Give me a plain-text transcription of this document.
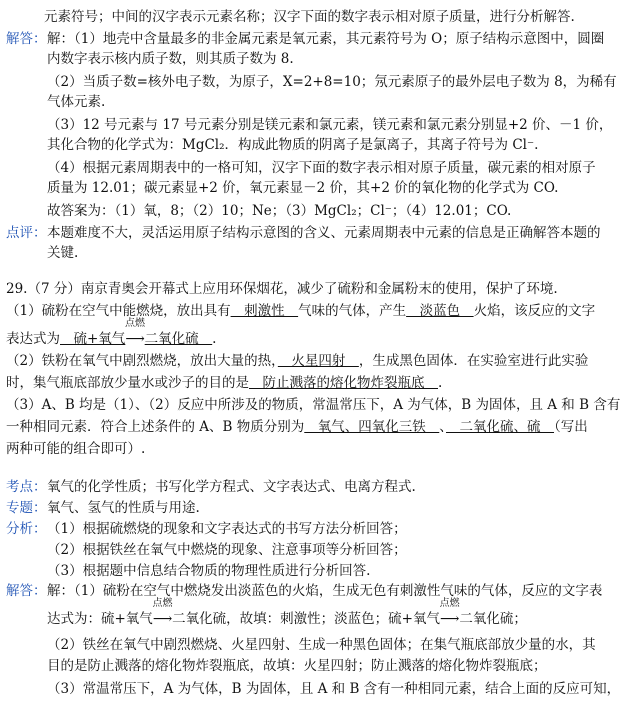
元素符号；中间的汉字表示元素名称；汉字下面的数字表示相对原子质量，进行分析解答.
解答： 解：（1）地壳中含量最多的非金属元素是氧元素，其元素符号为 O；原子结构示意图中，圆圈
内数字表示核内质子数，则其质子数为 8.
（2）当质子数=核外电子数，为原子，X=2+8=10；氖元素原子的最外层电子数为 8，为稀有
气体元素.
（3）12 号元素与 17 号元素分别是镁元素和氯元素，镁元素和氯元素分别显+2 价、－1 价，
其化合物的化学式为：MgCl₂．构成此物质的阴离子是氯离子，其离子符号为 Cl⁻.
（4）根据元素周期表中的一格可知，汉字下面的数字表示相对原子质量，碳元素的相对原子
质量为 12.01；碳元素显+2 价，氧元素显－2 价，其+2 价的氧化物的化学式为 CO.
故答案为：（1）氧，8；（2）10；Ne；（3）MgCl₂；Cl⁻；（4）12.01；CO.
点评： 本题难度不大，灵活运用原子结构示意图的含义、元素周期表中元素的信息是正确解答本题的
关键.
29.（7 分）南京青奥会开幕式上应用环保烟花，减少了硫粉和金属粉末的使用，保护了环境.
（1）硫粉在空气中能燃烧，放出具有　刺激性　气味的气体，产生　淡蓝色　火焰，该反应的文字
表达式为　硫+氧气
点燃
⟶二氧化硫　.
（2）铁粉在氧气中剧烈燃烧，放出大量的热，　火星四射　，生成黑色固体．在实验室进行此实验
时，集气瓶底部放少量水或沙子的目的是　防止溅落的熔化物炸裂瓶底　.
（3）A、B 均是（1）、（2）反应中所涉及的物质，常温常压下，A 为气体，B 为固体，且 A 和 B 含有
一种相同元素．符合上述条件的 A、B 物质分别为　氧气、四氧化三铁　、　二氧化硫、硫　（写出
两种可能的组合即可）.
考点： 氧气的化学性质；书写化学方程式、文字表达式、电离方程式.
专题： 氧气、氢气的性质与用途.
分析： （1）根据硫燃烧的现象和文字表达式的书写方法分析回答；
（2）根据铁丝在氧气中燃烧的现象、注意事项等分析回答；
（3）根据题中信息结合物质的物理性质进行分析回答.
解答： 解：（1）硫粉在空气中燃烧发出淡蓝色的火焰，生成无色有刺激性气味的气体，反应的文字表
达式为：硫+氧气
点燃
⟶二氧化硫，故填：刺激性；淡蓝色；硫+氧气
点燃
⟶二氧化硫；
（2）铁丝在氧气中剧烈燃烧、火星四射、生成一种黑色固体；在集气瓶底部放少量的水，其
目的是防止溅落的熔化物炸裂瓶底，故填：火星四射；防止溅落的熔化物炸裂瓶底；
（3）常温常压下，A 为气体，B 为固体，且 A 和 B 含有一种相同元素，结合上面的反应可知，
